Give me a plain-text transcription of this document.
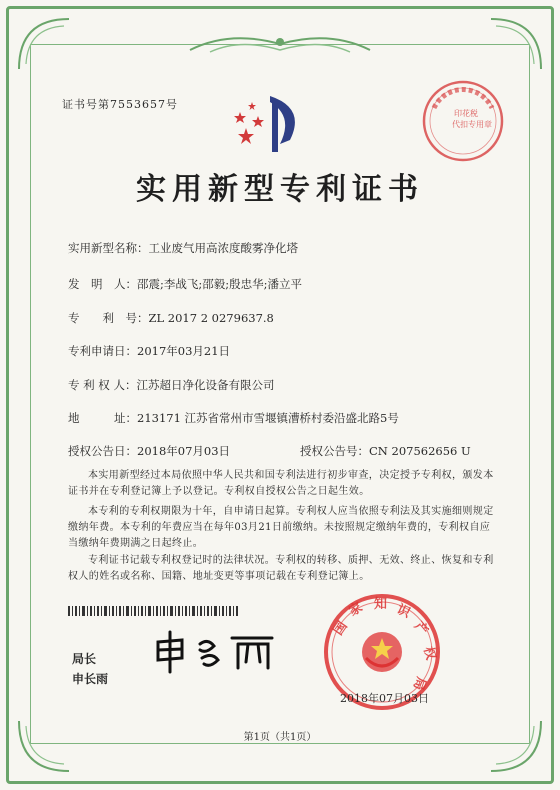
证书号第7553657号
实用新型专利证书
实用新型名称：工业废气用高浓度酸雾净化塔
发　明　人：邵震;李战飞;邵毅;殷忠华;潘立平
专　　利　号：ZL 2017 2 0279637.8
专利申请日：2017年03月21日
专 利 权 人：江苏超日净化设备有限公司
地　　　址：213171 江苏省常州市雪堰镇漕桥村委沿盛北路5号
授权公告日：2018年07月03日	授权公告号：CN 207562656 U
本实用新型经过本局依照中华人民共和国专利法进行初步审查，决定授予专利权，颁发本证书并在专利登记簿上予以登记。专利权自授权公告之日起生效。
本专利的专利权期限为十年，自申请日起算。专利权人应当依照专利法及其实施细则规定缴纳年费。本专利的年费应当在每年03月21日前缴纳。未按照规定缴纳年费的，专利权自应当缴纳年费期满之日起终止。
专利证书记载专利权登记时的法律状况。专利权的转移、质押、无效、终止、恢复和专利权人的姓名或名称、国籍、地址变更等事项记载在专利登记簿上。
局长
申长雨
国
家 知 识
产
权
局
2018年07月03日
印花税
代扣专用章
第1页（共1页）
